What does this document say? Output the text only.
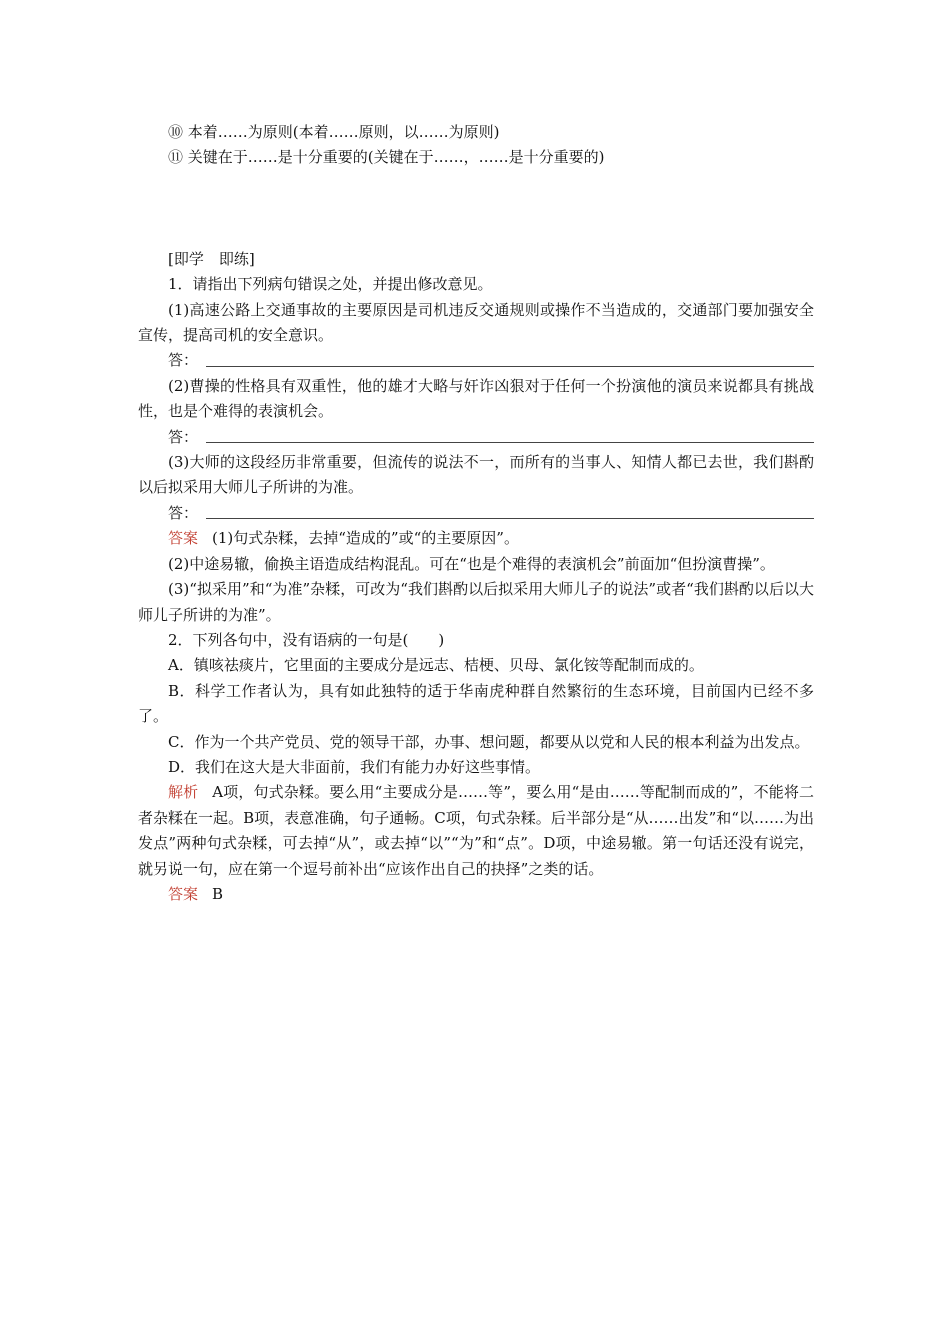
⑩ 本着……为原则(本着……原则，以……为原则)
⑪ 关键在于……是十分重要的(关键在于……，……是十分重要的)
[即学　即练]
1．请指出下列病句错误之处，并提出修改意见。
(1)高速公路上交通事故的主要原因是司机违反交通规则或操作不当造成的，交通部门要加强安全宣传，提高司机的安全意识。
答：
(2)曹操的性格具有双重性，他的雄才大略与奸诈凶狠对于任何一个扮演他的演员来说都具有挑战性，也是个难得的表演机会。
答：
(3)大师的这段经历非常重要，但流传的说法不一，而所有的当事人、知情人都已去世，我们斟酌以后拟采用大师儿子所讲的为准。
答：
答案 (1)句式杂糅，去掉“造成的”或“的主要原因”。
(2)中途易辙，偷换主语造成结构混乱。可在“也是个难得的表演机会”前面加“但扮演曹操”。
(3)“拟采用”和“为准”杂糅，可改为“我们斟酌以后拟采用大师儿子的说法”或者“我们斟酌以后以大师儿子所讲的为准”。
2．下列各句中，没有语病的一句是(　　)
A．镇咳祛痰片，它里面的主要成分是远志、桔梗、贝母、氯化铵等配制而成的。
B．科学工作者认为，具有如此独特的适于华南虎种群自然繁衍的生态环境，目前国内已经不多了。
C．作为一个共产党员、党的领导干部，办事、想问题，都要从以党和人民的根本利益为出发点。
D．我们在这大是大非面前，我们有能力办好这些事情。
解析 A项，句式杂糅。要么用“主要成分是……等”，要么用“是由……等配制而成的”，不能将二者杂糅在一起。B项，表意准确，句子通畅。C项，句式杂糅。后半部分是“从……出发”和“以……为出发点”两种句式杂糅，可去掉“从”，或去掉“以”“为”和“点”。D项，中途易辙。第一句话还没有说完，就另说一句，应在第一个逗号前补出“应该作出自己的抉择”之类的话。
答案 B
